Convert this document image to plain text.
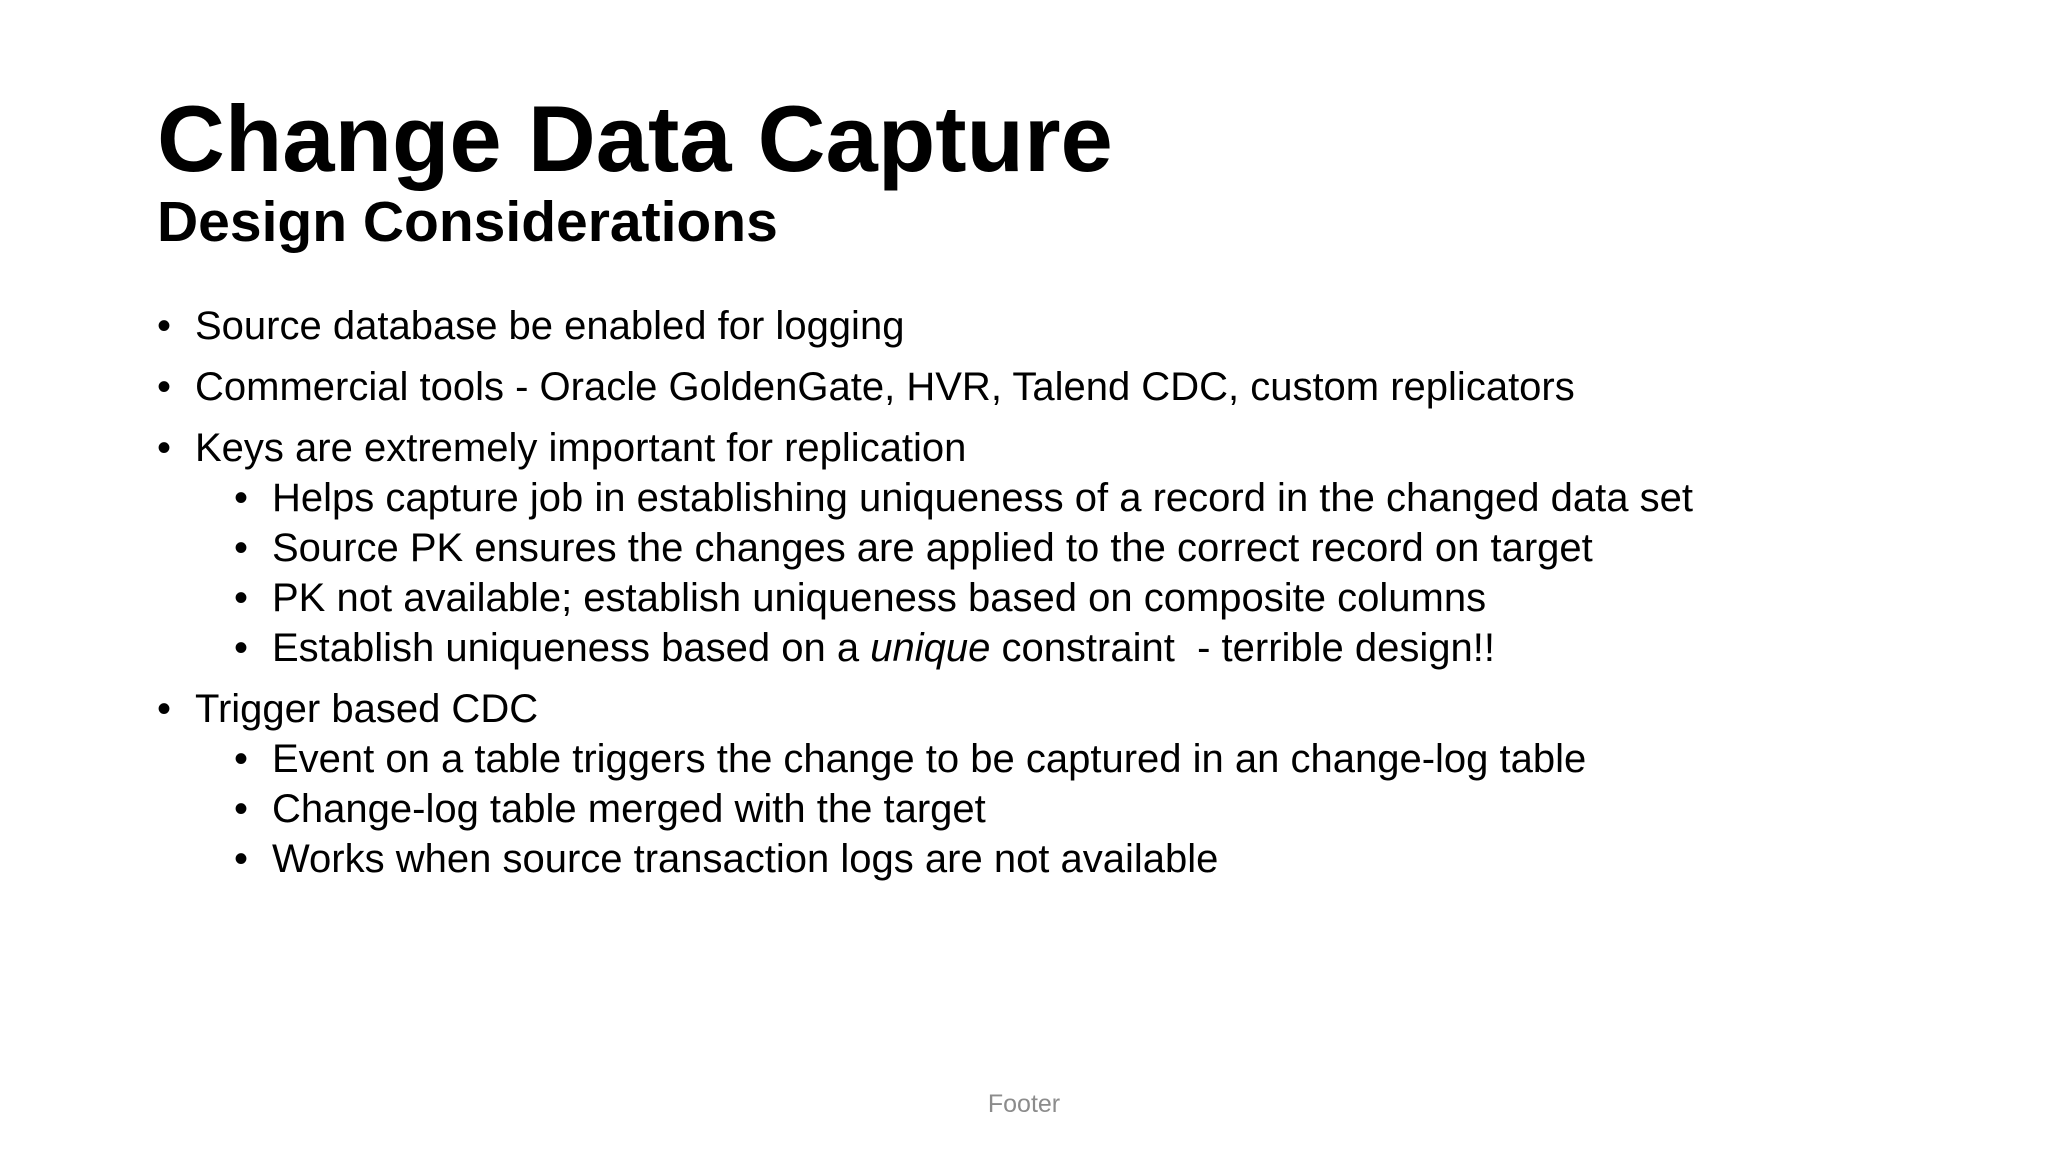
Change Data Capture
Design Considerations
• Source database be enabled for logging
• Commercial tools - Oracle GoldenGate, HVR, Talend CDC, custom replicators
• Keys are extremely important for replication
• Helps capture job in establishing uniqueness of a record in the changed data set
• Source PK ensures the changes are applied to the correct record on target
• PK not available; establish uniqueness based on composite columns
• Establish uniqueness based on a unique constraint  - terrible design!!
• Trigger based CDC
• Event on a table triggers the change to be captured in an change-log table
• Change-log table merged with the target
• Works when source transaction logs are not available
Footer
